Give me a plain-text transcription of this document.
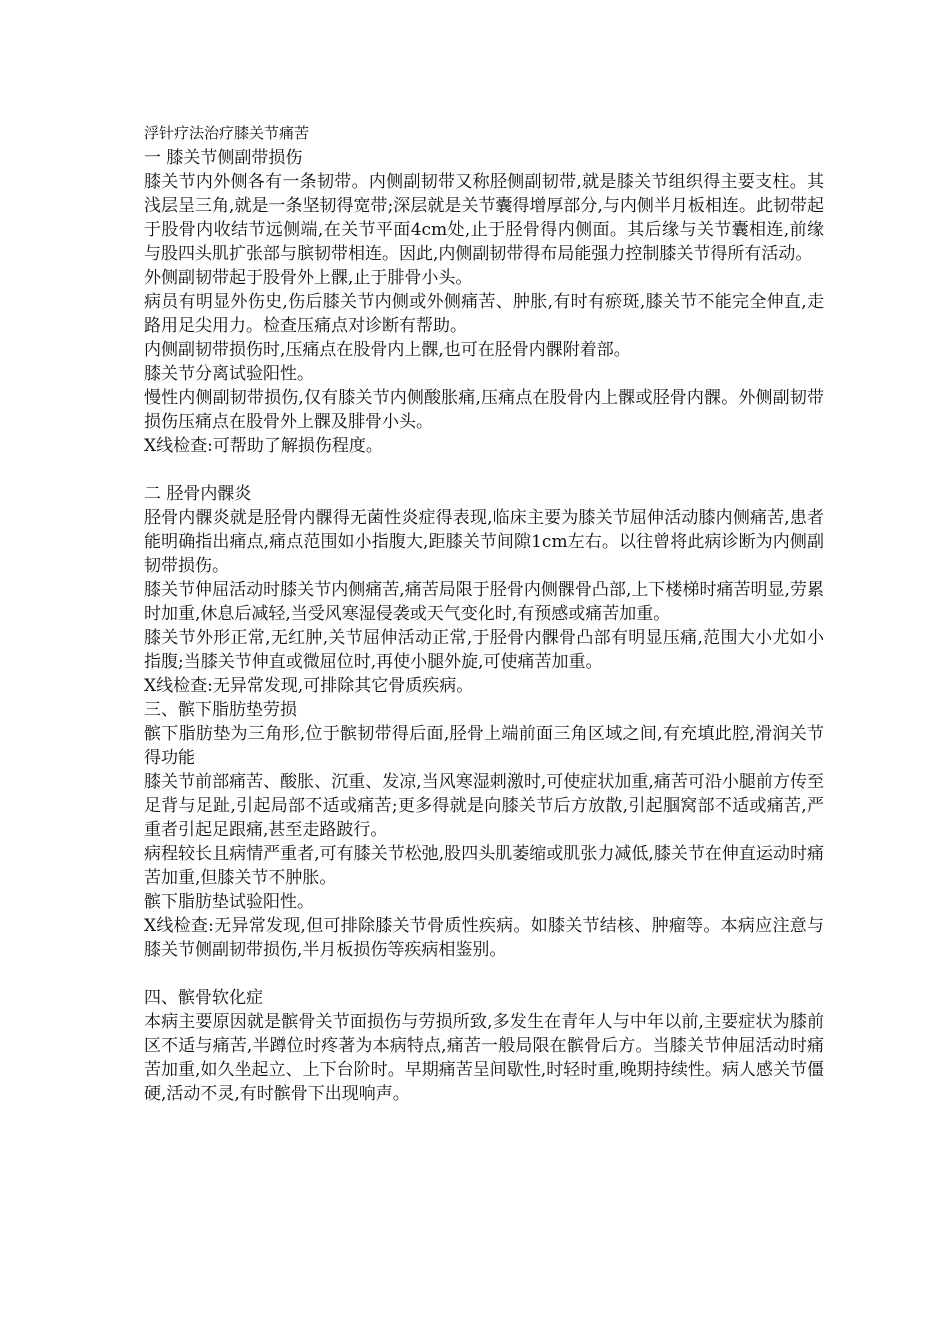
浮针疗法治疗膝关节痛苦
一 膝关节侧副带损伤

膝关节内外侧各有一条韧带。内侧副韧带又称胫侧副韧带,就是膝关节组织得主要支柱。其浅层呈三角,就是一条坚韧得宽带;深层就是关节囊得增厚部分,与内侧半月板相连。此韧带起于股骨内收结节远侧端,在关节平面4cm处,止于胫骨得内侧面。其后缘与关节囊相连,前缘与股四头肌扩张部与膑韧带相连。因此,内侧副韧带得布局能强力控制膝关节得所有活动。

外侧副韧带起于股骨外上髁,止于腓骨小头。

病员有明显外伤史,伤后膝关节内侧或外侧痛苦、肿胀,有时有瘀斑,膝关节不能完全伸直,走路用足尖用力。检查压痛点对诊断有帮助。

内侧副韧带损伤时,压痛点在股骨内上髁,也可在胫骨内髁附着部。

膝关节分离试验阳性。

慢性内侧副韧带损伤,仅有膝关节内侧酸胀痛,压痛点在股骨内上髁或胫骨内髁。外侧副韧带损伤压痛点在股骨外上髁及腓骨小头。

X线检查:可帮助了解损伤程度。

二 胫骨内髁炎

胫骨内髁炎就是胫骨内髁得无菌性炎症得表现,临床主要为膝关节屈伸活动膝内侧痛苦,患者能明确指出痛点,痛点范围如小指腹大,距膝关节间隙1cm左右。以往曾将此病诊断为内侧副韧带损伤。

膝关节伸屈活动时膝关节内侧痛苦,痛苦局限于胫骨内侧髁骨凸部,上下楼梯时痛苦明显,劳累时加重,休息后减轻,当受风寒湿侵袭或天气变化时,有预感或痛苦加重。

膝关节外形正常,无红肿,关节屈伸活动正常,于胫骨内髁骨凸部有明显压痛,范围大小尤如小指腹;当膝关节伸直或微屈位时,再使小腿外旋,可使痛苦加重。

X线检查:无异常发现,可排除其它骨质疾病。

三、髌下脂肪垫劳损

髌下脂肪垫为三角形,位于髌韧带得后面,胫骨上端前面三角区域之间,有充填此腔,滑润关节得功能

膝关节前部痛苦、酸胀、沉重、发凉,当风寒湿刺激时,可使症状加重,痛苦可沿小腿前方传至足背与足趾,引起局部不适或痛苦;更多得就是向膝关节后方放散,引起腘窝部不适或痛苦,严重者引起足跟痛,甚至走路跛行。

病程较长且病情严重者,可有膝关节松弛,股四头肌萎缩或肌张力减低,膝关节在伸直运动时痛苦加重,但膝关节不肿胀。

髌下脂肪垫试验阳性。

X线检查:无异常发现,但可排除膝关节骨质性疾病。如膝关节结核、肿瘤等。本病应注意与膝关节侧副韧带损伤,半月板损伤等疾病相鉴别。

四、髌骨软化症

本病主要原因就是髌骨关节面损伤与劳损所致,多发生在青年人与中年以前,主要症状为膝前区不适与痛苦,半蹲位时疼著为本病特点,痛苦一般局限在髌骨后方。当膝关节伸屈活动时痛苦加重,如久坐起立、上下台阶时。早期痛苦呈间歇性,时轻时重,晚期持续性。病人感关节僵硬,活动不灵,有时髌骨下出现响声。
